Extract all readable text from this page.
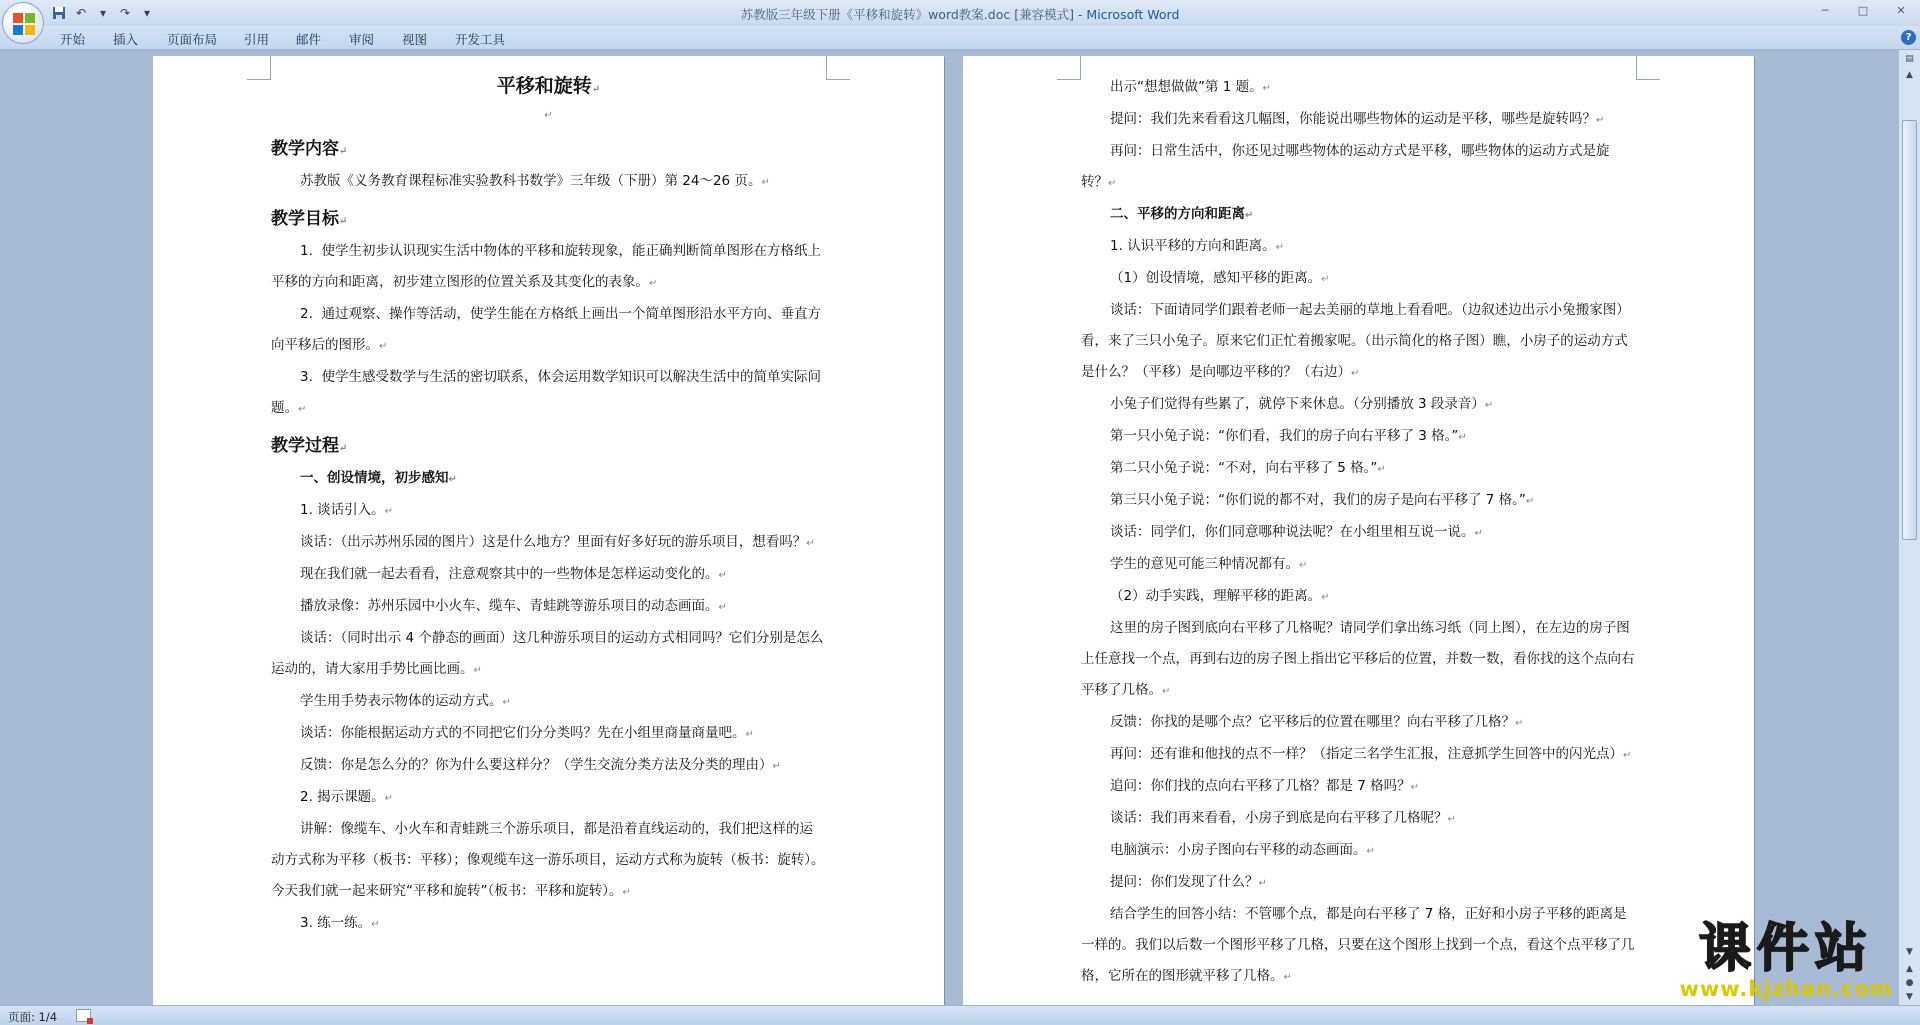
↶	▾	↷	▾	苏教版三年级下册《平移和旋转》word教案.doc [兼容模式] - Microsoft Word	─	□	✕
开始 插入 页面布局 引用 邮件 审阅 视图 开发工具	?
平移和旋转↵
↵

教学内容↵

苏教版《义务教育课程标准实验教科书数学》三年级（下册）第 24～26 页。↵

教学目标↵

1.  使学生初步认识现实生活中物体的平移和旋转现象，能正确判断简单图形在方格纸上平移的方向和距离，初步建立图形的位置关系及其变化的表象。↵

2.  通过观察、操作等活动，使学生能在方格纸上画出一个简单图形沿水平方向、垂直方向平移后的图形。↵

3.  使学生感受数学与生活的密切联系，体会运用数学知识可以解决生活中的简单实际问题。↵

教学过程↵

一、创设情境，初步感知↵

1. 谈话引入。↵

谈话：（出示苏州乐园的图片）这是什么地方？里面有好多好玩的游乐项目，想看吗？↵

现在我们就一起去看看，注意观察其中的一些物体是怎样运动变化的。↵

播放录像：苏州乐园中小火车、缆车、青蛙跳等游乐项目的动态画面。↵

谈话：（同时出示 4 个静态的画面）这几种游乐项目的运动方式相同吗？它们分别是怎么运动的，请大家用手势比画比画。↵

学生用手势表示物体的运动方式。↵

谈话：你能根据运动方式的不同把它们分分类吗？先在小组里商量商量吧。↵

反馈：你是怎么分的？你为什么要这样分？（学生交流分类方法及分类的理由）↵

2. 揭示课题。↵

讲解：像缆车、小火车和青蛙跳三个游乐项目，都是沿着直线运动的，我们把这样的运动方式称为平移（板书：平移）；像观缆车这一游乐项目，运动方式称为旋转（板书：旋转）。今天我们就一起来研究“平移和旋转”（板书：平移和旋转）。↵

3. 练一练。↵

出示“想想做做”第 1 题。↵

提问：我们先来看看这几幅图，你能说出哪些物体的运动是平移，哪些是旋转吗？↵

再问：日常生活中，你还见过哪些物体的运动方式是平移，哪些物体的运动方式是旋转？↵

二、平移的方向和距离↵

1. 认识平移的方向和距离。↵

（1）创设情境，感知平移的距离。↵

谈话：下面请同学们跟着老师一起去美丽的草地上看看吧。（边叙述边出示小兔搬家图）看，来了三只小兔子。原来它们正忙着搬家呢。（出示简化的格子图）瞧，小房子的运动方式是什么？（平移）是向哪边平移的？（右边）↵

小兔子们觉得有些累了，就停下来休息。（分别播放 3 段录音）↵

第一只小兔子说：“你们看，我们的房子向右平移了 3 格。”↵

第二只小兔子说：“不对，向右平移了 5 格。”↵

第三只小兔子说：“你们说的都不对，我们的房子是向右平移了 7 格。”↵

谈话：同学们，你们同意哪种说法呢？在小组里相互说一说。↵

学生的意见可能三种情况都有。↵

（2）动手实践，理解平移的距离。↵

这里的房子图到底向右平移了几格呢？请同学们拿出练习纸（同上图），在左边的房子图上任意找一个点，再到右边的房子图上指出它平移后的位置，并数一数，看你找的这个点向右平移了几格。↵

反馈：你找的是哪个点？它平移后的位置在哪里？向右平移了几格？↵

再问：还有谁和他找的点不一样？（指定三名学生汇报，注意抓学生回答中的闪光点）↵

追问：你们找的点向右平移了几格？都是 7 格吗？↵

谈话：我们再来看看，小房子到底是向右平移了几格呢？↵

电脑演示：小房子图向右平移的动态画面。↵

提问：你们发现了什么？↵

结合学生的回答小结：不管哪个点，都是向右平移了 7 格，正好和小房子平移的距离是一样的。我们以后数一个图形平移了几格，只要在这个图形上找到一个点，看这个点平移了几格，它所在的图形就平移了几格。↵

▤
▲
▼
▲
●
▼
页面: 1/4
课件站
www.kjzhan.com
